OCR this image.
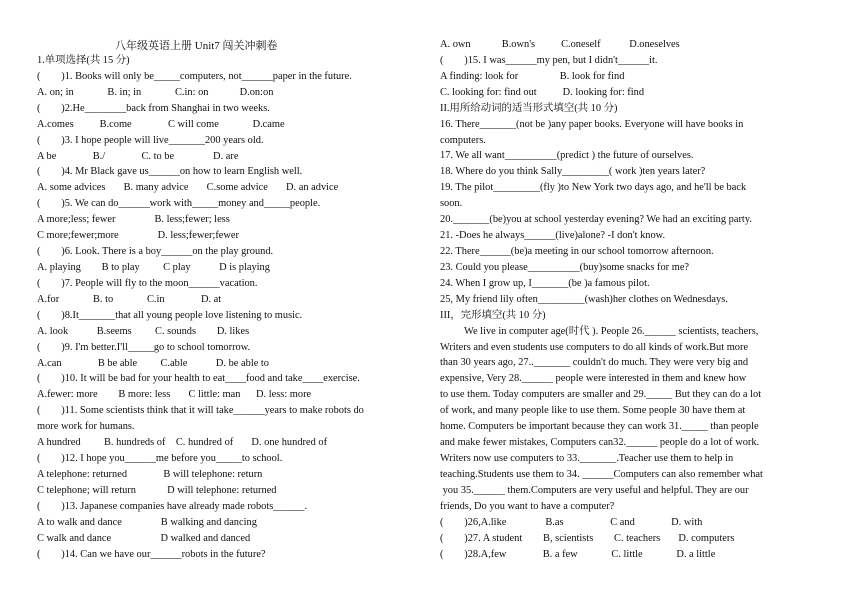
八年级英语上册 Unit7 闯关冲刺卷
1.单项选择(共 15 分)
(　　)1. Books will only be_____computers, not______paper in the future.
A. on; in             B. in; in             C.in: on            D.on:on
(　　)2.He________back from Shanghai in two weeks.
A.comes          B.come              C will come             D.came
(　　)3. I hope people will live_______200 years old.
A be              B./              C. to be               D. are
(　　)4. Mr Black gave us______on how to learn English well.
A. some advices       B. many advice       C.some advice       D. an advice
(　　)5. We can do______work with_____money and_____people.
A more;less; fewer               B. less;fewer; less
C more;fewer;more               D. less;fewer;fewer
(　　)6. Look. There is a boy______on the play ground.
A. playing        B to play         C play           D is playing
(　　)7. People will fly to the moon______vacation.
A.for             B. to             C.in              D. at
(　　)8.It_______that all young people love listening to music.
A. look           B.seems         C. sounds        D. likes
(　　)9. I'm better.I'll_____go to school tomorrow.
A.can              B be able         C.able           D. be able to
(　　)10. It will be bad for your health to eat____food and take____exercise.
A.fewer: more        B more: less       C little: man      D. less: more
(　　)11. Some scientists think that it will take______years to make robots do
more work for humans.
A hundred         B. hundreds of    C. hundred of       D. one hundred of
(　　)12. I hope you______me before you_____to school.
A telephone: returned              B will telephone: return
C telephone; will return            D will telephone: returned
(　　)13. Japanese companies have already made robots______.
A to walk and dance               B walking and dancing
C walk and dance                   D walked and danced
(　　)14. Can we have our______robots in the future?
A. own            B.own's          C.oneself           D.oneselves
(　　)15. I was______my pen, but I didn't______it.
A finding: look for                B. look for find
C. looking for: find out          D. looking for: find
II.用所给动词的适当形式填空(共 10 分)
16. There_______(not be )any paper books. Everyone will have books in
computers.
17. We all want__________(predict ) the future of ourselves.
18. Where do you think Sally_________( work )ten years later?
19. The pilot_________(fly )to New York two days ago, and he'll be back
soon.
20._______(be)you at school yesterday evening? We had an exciting party.
21. -Does he always______(live)alone? -I don't know.
22. There______(be)a meeting in our school tomorrow afternoon.
23. Could you please__________(buy)some snacks for me?
24. When I grow up, I_______(be )a famous pilot.
25, My friend lily often_________(wash)her clothes on Wednesdays.
III，完形填空(共 10 分)
We live in computer age(时代 ). People 26.______ scientists, teachers,
Writers and even students use computers to do all kinds of work.But more
than 30 years ago, 27.._______ couldn't do much. They were very big and
expensive, Very 28.______ people were interested in them and knew how
to use them. Today computers are smaller and 29._____ But they can do a lot
of work, and many people like to use them. Some people 30 have them at
home. Computers be important because they can work 31._____ than people
and make fewer mistakes, Computers can32.______ people do a lot of work.
Writers now use computers to 33._______.Teacher use them to help in
teaching.Students use them to 34. ______Computers can also remember what
you 35.______ them.Computers are very useful and helpful. They are our
friends, Do you want to have a computer?
(　　)26,A.like               B.as                  C and              D. with
(　　)27. A student        B, scientists        C. teachers       D. computers
(　　)28.A,few              B. a few             C. little             D. a little
